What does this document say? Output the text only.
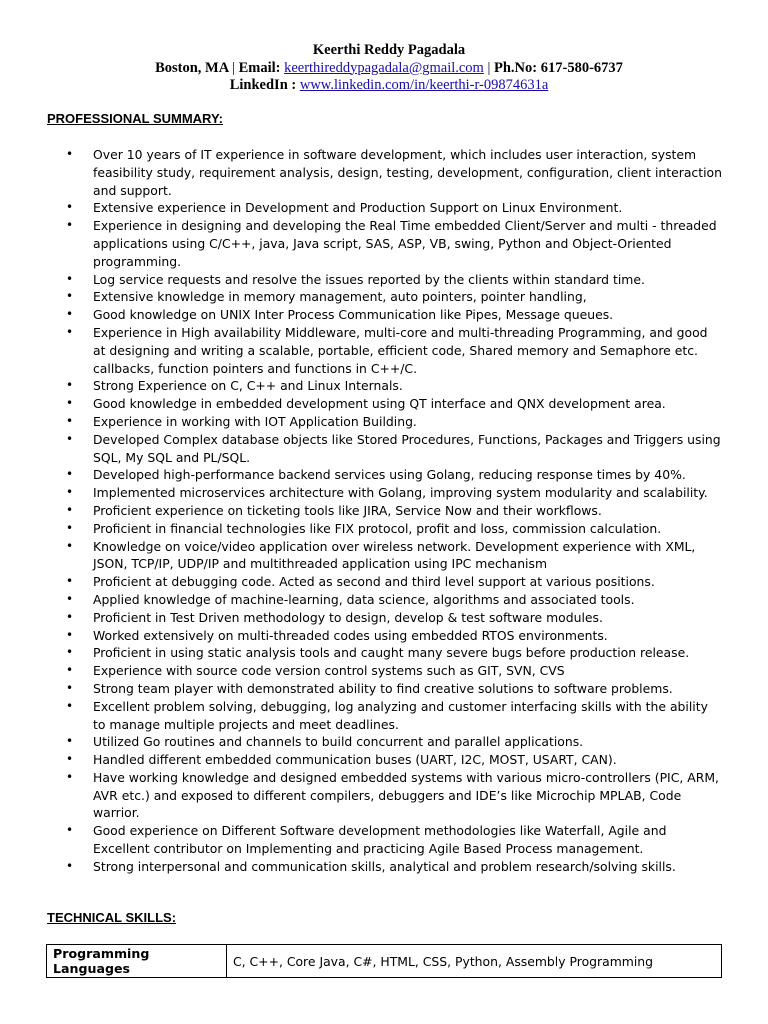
Keerthi Reddy Pagadala
Boston, MA | Email: keerthireddypagadala@gmail.com | Ph.No: 617-580-6737
LinkedIn : www.linkedin.com/in/keerthi-r-09874631a
PROFESSIONAL SUMMARY:
• Over 10 years of IT experience in software development, which includes user interaction, system feasibility study, requirement analysis, design, testing, development, configuration, client interaction and support.
• Extensive experience in Development and Production Support on Linux Environment.
• Experience in designing and developing the Real Time embedded Client/Server and multi - threaded applications using C/C++, java, Java script, SAS, ASP, VB, swing, Python and Object-Oriented programming.
• Log service requests and resolve the issues reported by the clients within standard time.
• Extensive knowledge in memory management, auto pointers, pointer handling,
• Good knowledge on UNIX Inter Process Communication like Pipes, Message queues.
• Experience in High availability Middleware, multi-core and multi-threading Programming, and good at designing and writing a scalable, portable, efficient code, Shared memory and Semaphore etc. callbacks, function pointers and functions in C++/C.
• Strong Experience on C, C++ and Linux Internals.
• Good knowledge in embedded development using QT interface and QNX development area.
• Experience in working with IOT Application Building.
• Developed Complex database objects like Stored Procedures, Functions, Packages and Triggers using SQL, My SQL and PL/SQL.
• Developed high-performance backend services using Golang, reducing response times by 40%.
• Implemented microservices architecture with Golang, improving system modularity and scalability.
• Proficient experience on ticketing tools like JIRA, Service Now and their workflows.
• Proficient in financial technologies like FIX protocol, profit and loss, commission calculation.
• Knowledge on voice/video application over wireless network. Development experience with XML, JSON, TCP/IP, UDP/IP and multithreaded application using IPC mechanism
• Proficient at debugging code. Acted as second and third level support at various positions.
• Applied knowledge of machine-learning, data science, algorithms and associated tools.
• Proficient in Test Driven methodology to design, develop & test software modules.
• Worked extensively on multi-threaded codes using embedded RTOS environments.
• Proficient in using static analysis tools and caught many severe bugs before production release.
• Experience with source code version control systems such as GIT, SVN, CVS
• Strong team player with demonstrated ability to find creative solutions to software problems.
• Excellent problem solving, debugging, log analyzing and customer interfacing skills with the ability to manage multiple projects and meet deadlines.
• Utilized Go routines and channels to build concurrent and parallel applications.
• Handled different embedded communication buses (UART, I2C, MOST, USART, CAN).
• Have working knowledge and designed embedded systems with various micro-controllers (PIC, ARM, AVR etc.) and exposed to different compilers, debuggers and IDE’s like Microchip MPLAB, Code warrior.
• Good experience on Different Software development methodologies like Waterfall, Agile and Excellent contributor on Implementing and practicing Agile Based Process management.
• Strong interpersonal and communication skills, analytical and problem research/solving skills.
TECHNICAL SKILLS:
Programming Languages	C, C++, Core Java, C#, HTML, CSS, Python, Assembly Programming
